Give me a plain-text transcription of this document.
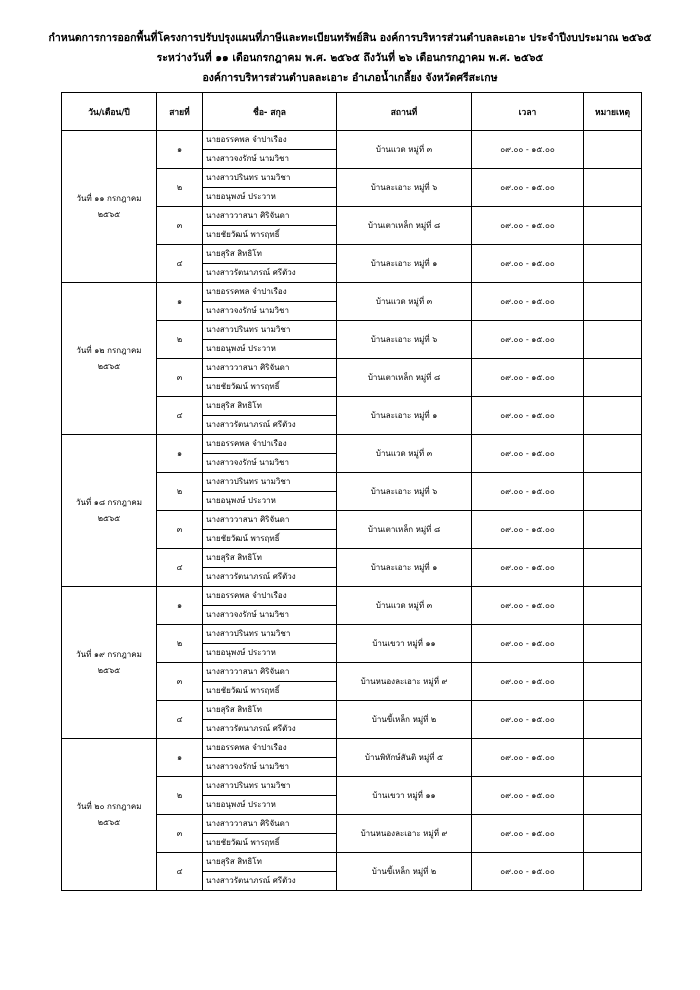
กำหนดการการออกพื้นที่โครงการปรับปรุงแผนที่ภาษีและทะเบียนทรัพย์สิน องค์การบริหารส่วนตำบลละเอาะ ประจำปีงบประมาณ ๒๕๖๕
ระหว่างวันที่ ๑๑ เดือนกรกฎาคม พ.ศ. ๒๕๖๕ ถึงวันที่ ๒๖ เดือนกรกฎาคม พ.ศ. ๒๕๖๕
องค์การบริหารส่วนตำบลละเอาะ อำเภอน้ำเกลี้ยง จังหวัดศรีสะเกษ
วัน/เดือน/ปี	สายที่	ชื่อ- สกุล	สถานที่	เวลา	หมายเหตุ

วันที่ ๑๑ กรกฎาคม
๒๕๖๕	๑	นายอรรคพล จำปาเรือง	บ้านแวด หมู่ที่ ๓	๐๙.๐๐ - ๑๕.๐๐	
		นางสาวจงรักษ์ นามวิชา			
	๒	นางสาวปรินทร นามวิชา	บ้านละเอาะ หมู่ที่ ๖	๐๙.๐๐ - ๑๕.๐๐	
		นายอนุพงษ์ ประวาห			
	๓	นางสาววาสนา ศิริจันดา	บ้านเตาเหล็ก หมู่ที่ ๘	๐๙.๐๐ - ๑๕.๐๐	
		นายชัยวัฒน์ พารฤทธิ์			
	๔	นายสุริส สิทธิโท	บ้านละเอาะ หมู่ที่ ๑	๐๙.๐๐ - ๑๕.๐๐	
		นางสาวรัตนาภรณ์ ศรีตัวง			

วันที่ ๑๒ กรกฎาคม
๒๕๖๕	๑	นายอรรคพล จำปาเรือง	บ้านแวด หมู่ที่ ๓	๐๙.๐๐ - ๑๕.๐๐	
		นางสาวจงรักษ์ นามวิชา			
	๒	นางสาวปรินทร นามวิชา	บ้านละเอาะ หมู่ที่ ๖	๐๙.๐๐ - ๑๕.๐๐	
		นายอนุพงษ์ ประวาห			
	๓	นางสาววาสนา ศิริจันดา	บ้านเตาเหล็ก หมู่ที่ ๘	๐๙.๐๐ - ๑๕.๐๐	
		นายชัยวัฒน์ พารฤทธิ์			
	๔	นายสุริส สิทธิโท	บ้านละเอาะ หมู่ที่ ๑	๐๙.๐๐ - ๑๕.๐๐	
		นางสาวรัตนาภรณ์ ศรีตัวง			

วันที่ ๑๘ กรกฎาคม
๒๕๖๕	๑	นายอรรคพล จำปาเรือง	บ้านแวด หมู่ที่ ๓	๐๙.๐๐ - ๑๕.๐๐	
		นางสาวจงรักษ์ นามวิชา			
	๒	นางสาวปรินทร นามวิชา	บ้านละเอาะ หมู่ที่ ๖	๐๙.๐๐ - ๑๕.๐๐	
		นายอนุพงษ์ ประวาห			
	๓	นางสาววาสนา ศิริจันดา	บ้านเตาเหล็ก หมู่ที่ ๘	๐๙.๐๐ - ๑๕.๐๐	
		นายชัยวัฒน์ พารฤทธิ์			
	๔	นายสุริส สิทธิโท	บ้านละเอาะ หมู่ที่ ๑	๐๙.๐๐ - ๑๕.๐๐	
		นางสาวรัตนาภรณ์ ศรีตัวง			

วันที่ ๑๙ กรกฎาคม
๒๕๖๕	๑	นายอรรคพล จำปาเรือง	บ้านแวด หมู่ที่ ๓	๐๙.๐๐ - ๑๕.๐๐	
		นางสาวจงรักษ์ นามวิชา			
	๒	นางสาวปรินทร นามวิชา	บ้านเขวา หมู่ที่ ๑๑	๐๙.๐๐ - ๑๕.๐๐	
		นายอนุพงษ์ ประวาห			
	๓	นางสาววาสนา ศิริจันดา	บ้านหนองละเอาะ หมู่ที่ ๙	๐๙.๐๐ - ๑๕.๐๐	
		นายชัยวัฒน์ พารฤทธิ์			
	๔	นายสุริส สิทธิโท	บ้านขี้เหล็ก หมู่ที่ ๒	๐๙.๐๐ - ๑๕.๐๐	
		นางสาวรัตนาภรณ์ ศรีตัวง			

วันที่ ๒๐ กรกฎาคม
๒๕๖๕	๑	นายอรรคพล จำปาเรือง	บ้านพิทักษ์สันติ หมู่ที่ ๕	๐๙.๐๐ - ๑๕.๐๐	
		นางสาวจงรักษ์ นามวิชา			
	๒	นางสาวปรินทร นามวิชา	บ้านเขวา หมู่ที่ ๑๑	๐๙.๐๐ - ๑๕.๐๐	
		นายอนุพงษ์ ประวาห			
	๓	นางสาววาสนา ศิริจันดา	บ้านหนองละเอาะ หมู่ที่ ๙	๐๙.๐๐ - ๑๕.๐๐	
		นายชัยวัฒน์ พารฤทธิ์			
	๔	นายสุริส สิทธิโท	บ้านขี้เหล็ก หมู่ที่ ๒	๐๙.๐๐ - ๑๕.๐๐	
		นางสาวรัตนาภรณ์ ศรีตัวง			
